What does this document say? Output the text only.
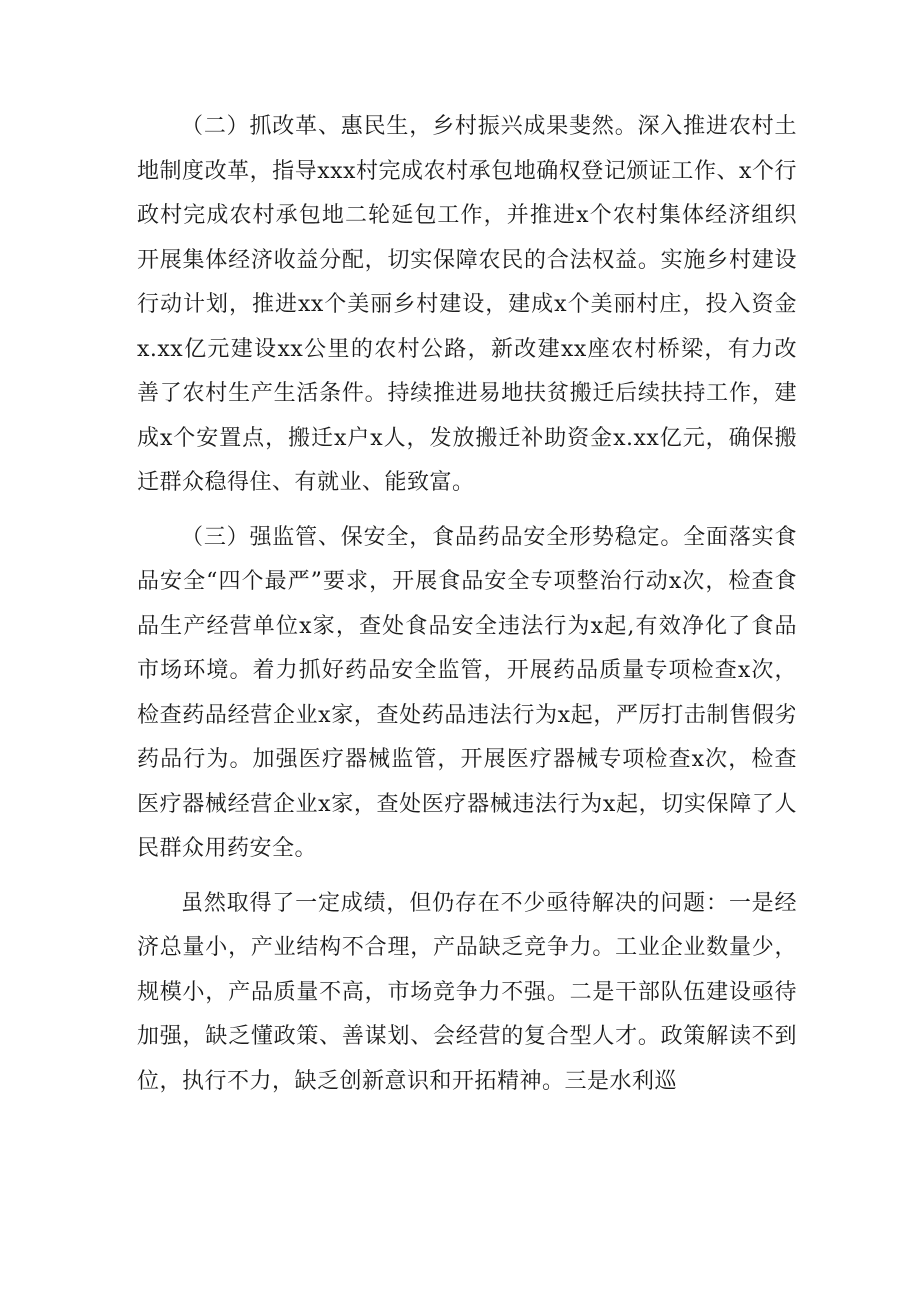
（二）抓改革、惠民生，乡村振兴成果斐然。深入推进农村土地制度改革，指导xxx村完成农村承包地确权登记颁证工作、x个行政村完成农村承包地二轮延包工作，并推进x个农村集体经济组织开展集体经济收益分配，切实保障农民的合法权益。实施乡村建设行动计划，推进xx个美丽乡村建设，建成x个美丽村庄，投入资金x.xx亿元建设xx公里的农村公路，新改建xx座农村桥梁，有力改善了农村生产生活条件。持续推进易地扶贫搬迁后续扶持工作，建成x个安置点，搬迁x户x人，发放搬迁补助资金x.xx亿元，确保搬迁群众稳得住、有就业、能致富。

（三）强监管、保安全，食品药品安全形势稳定。全面落实食品安全“四个最严”要求，开展食品安全专项整治行动x次，检查食品生产经营单位x家，查处食品安全违法行为x起,有效净化了食品市场环境。着力抓好药品安全监管，开展药品质量专项检查x次，检查药品经营企业x家，查处药品违法行为x起，严厉打击制售假劣药品行为。加强医疗器械监管，开展医疗器械专项检查x次，检查医疗器械经营企业x家，查处医疗器械违法行为x起，切实保障了人民群众用药安全。

虽然取得了一定成绩，但仍存在不少亟待解决的问题：一是经济总量小，产业结构不合理，产品缺乏竞争力。工业企业数量少，规模小，产品质量不高，市场竞争力不强。二是干部队伍建设亟待加强，缺乏懂政策、善谋划、会经营的复合型人才。政策解读不到位，执行不力，缺乏创新意识和开拓精神。三是水利巡
